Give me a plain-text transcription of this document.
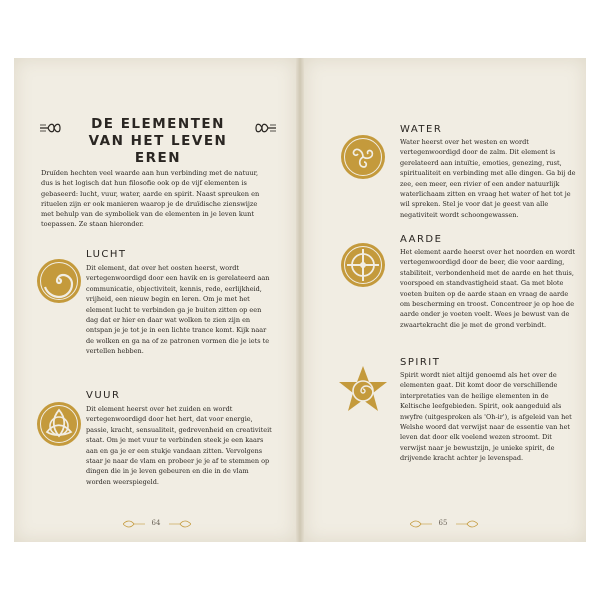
DE ELEMENTEN
VAN HET LEVEN EREN
Druïden hechten veel waarde aan hun verbinding met de natuur, dus is het logisch dat hun filosofie ook op de vijf elementen is gebaseerd: lucht, vuur, water, aarde en spirit. Naast spreuken en rituelen zijn er ook manieren waarop je de druïdische zienswijze met behulp van de symboliek van de elementen in je leven kunt toepassen. Ze staan hieronder.
LUCHT
Dit element, dat over het oosten heerst, wordt vertegenwoordigd door een havik en is gerelateerd aan communicatie, objectiviteit, kennis, rede, eerlijkheid, vrijheid, een nieuw begin en leren. Om je met het element lucht te verbinden ga je buiten zitten op een dag dat er hier en daar wat wolken te zien zijn en ontspan je je tot je in een lichte trance komt. Kijk naar de wolken en ga na of ze patronen vormen die je iets te vertellen hebben.
VUUR
Dit element heerst over het zuiden en wordt vertegenwoordigd door het hert, dat voor energie, passie, kracht, sensualiteit, gedrevenheid en creativiteit staat. Om je met vuur te verbinden steek je een kaars aan en ga je er een stukje vandaan zitten. Vervolgens staar je naar de vlam en probeer je je af te stemmen op dingen die in je leven gebeuren en die in de vlam worden weerspiegeld.
64
WATER
Water heerst over het westen en wordt vertegenwoordigd door de zalm. Dit element is gerelateerd aan intuïtie, emoties, genezing, rust, spiritualiteit en verbinding met alle dingen. Ga bij de zee, een meer, een rivier of een ander natuurlijk waterlichaam zitten en vraag het water of het tot je wil spreken. Stel je voor dat je geest van alle negativiteit wordt schoongewassen.
AARDE
Het element aarde heerst over het noorden en wordt vertegenwoordigd door de beer, die voor aarding, stabiliteit, verbondenheid met de aarde en het thuis, voorspoed en standvastigheid staat. Ga met blote voeten buiten op de aarde staan en vraag de aarde om bescherming en troost. Concentreer je op hoe de aarde onder je voeten voelt. Wees je bewust van de zwaartekracht die je met de grond verbindt.
SPIRIT
Spirit wordt niet altijd genoemd als het over de elementen gaat. Dit komt door de verschillende interpretaties van de heilige elementen in de Keltische leefgebieden. Spirit, ook aangeduid als nwyfre (uitgesproken als 'Oh-ir'), is afgeleid van het Welshe woord dat verwijst naar de essentie van het leven dat door elk voelend wezen stroomt. Dit verwijst naar je bewustzijn, je unieke spirit, de drijvende kracht achter je levenspad.
65
